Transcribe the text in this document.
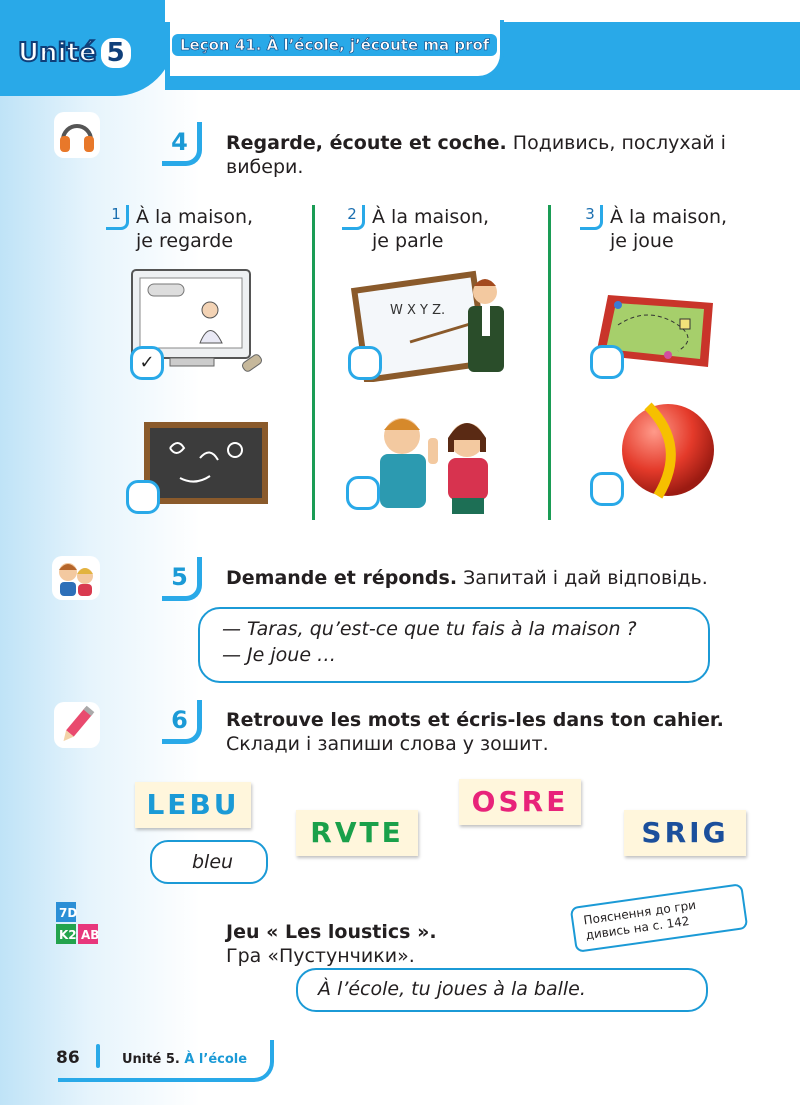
Unité 5	Leçon 41. À l’école, j’écoute ma prof
4	Regarde, écoute et coche. Подивись, послухай і вибери.
1 À la maison,
je regarde
2 À la maison,
je parle
3 À la maison,
je joue
✓
W X Y Z.
5	Demande et réponds. Запитай і дай відповідь.
— Taras, qu’est-ce que tu fais à la maison ?
— Je joue …
6	Retrouve les mots et écris-les dans ton cahier.
Склади і запиши слова у зошит.
LEBU
RVTE
OSRE
SRIG
bleu
7D
K2 AB	Jeu « Les loustics ».
Гра «Пустунчики».
Пояснення до гри дивись на с. 142
À l’école, tu joues à la balle.
86	Unité 5. À l’école
